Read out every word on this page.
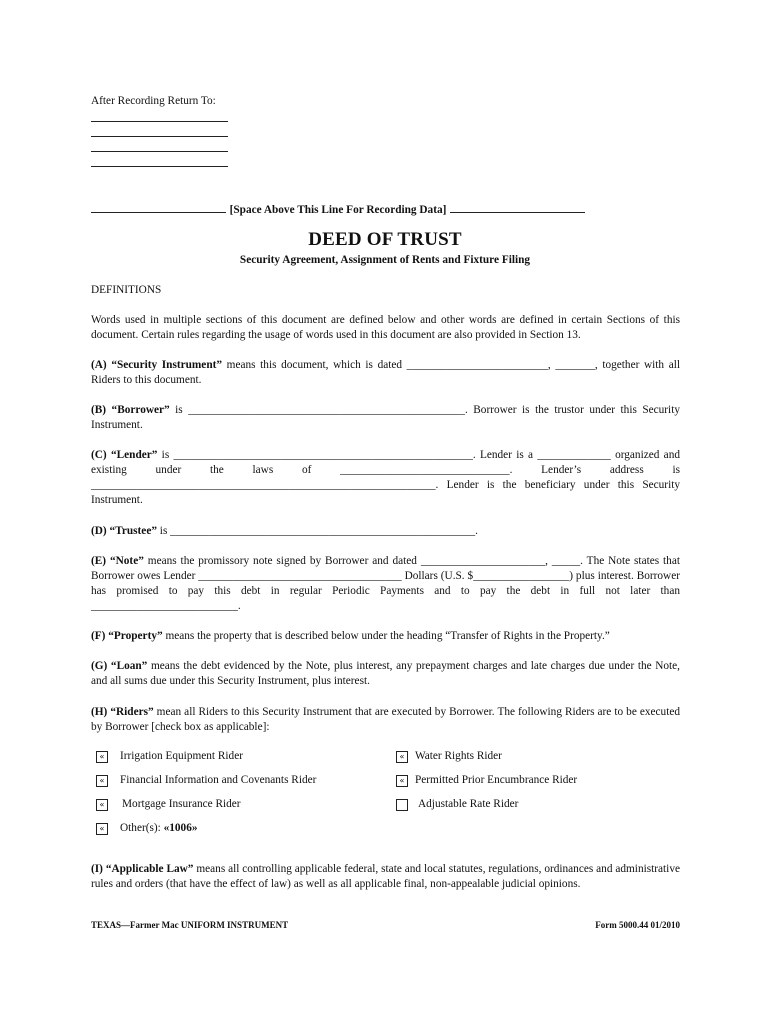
After Recording Return To:

[Space Above This Line For Recording Data]
DEED OF TRUST

Security Agreement, Assignment of Rents and Fixture Filing

DEFINITIONS

Words used in multiple sections of this document are defined below and other words are defined in certain Sections of this document. Certain rules regarding the usage of words used in this document are also provided in Section 13.

(A) “Security Instrument” means this document, which is dated _________________________, _______, together with all Riders to this document.

(B) “Borrower” is _________________________________________________. Borrower is the trustor under this Security Instrument.

(C) “Lender” is _____________________________________________________. Lender is a _____________ organized and existing under the laws of ______________________________. Lender’s address is _____________________________________________________________. Lender is the beneficiary under this Security Instrument.

(D) “Trustee” is ______________________________________________________.

(E) “Note” means the promissory note signed by Borrower and dated ______________________, _____. The Note states that Borrower owes Lender ____________________________________ Dollars (U.S. $_________________) plus interest. Borrower has promised to pay this debt in regular Periodic Payments and to pay the debt in full not later than __________________________.

(F) “Property” means the property that is described below under the heading “Transfer of Rights in the Property.”

(G) “Loan” means the debt evidenced by the Note, plus interest, any prepayment charges and late charges due under the Note, and all sums due under this Security Instrument, plus interest.

(H) “Riders” mean all Riders to this Security Instrument that are executed by Borrower. The following Riders are to be executed by Borrower [check box as applicable]:

«	Irrigation Equipment Rider	« Water Rights Rider
«	Financial Information and Covenants Rider	« Permitted Prior Encumbrance Rider
«	Mortgage Insurance Rider	Adjustable Rate Rider
«	Other(s): «1006»

(I) “Applicable Law” means all controlling applicable federal, state and local statutes, regulations, ordinances and administrative rules and orders (that have the effect of law) as well as all applicable final, non-appealable judicial opinions.

TEXAS—Farmer Mac UNIFORM INSTRUMENT	Form 5000.44 01/2010
